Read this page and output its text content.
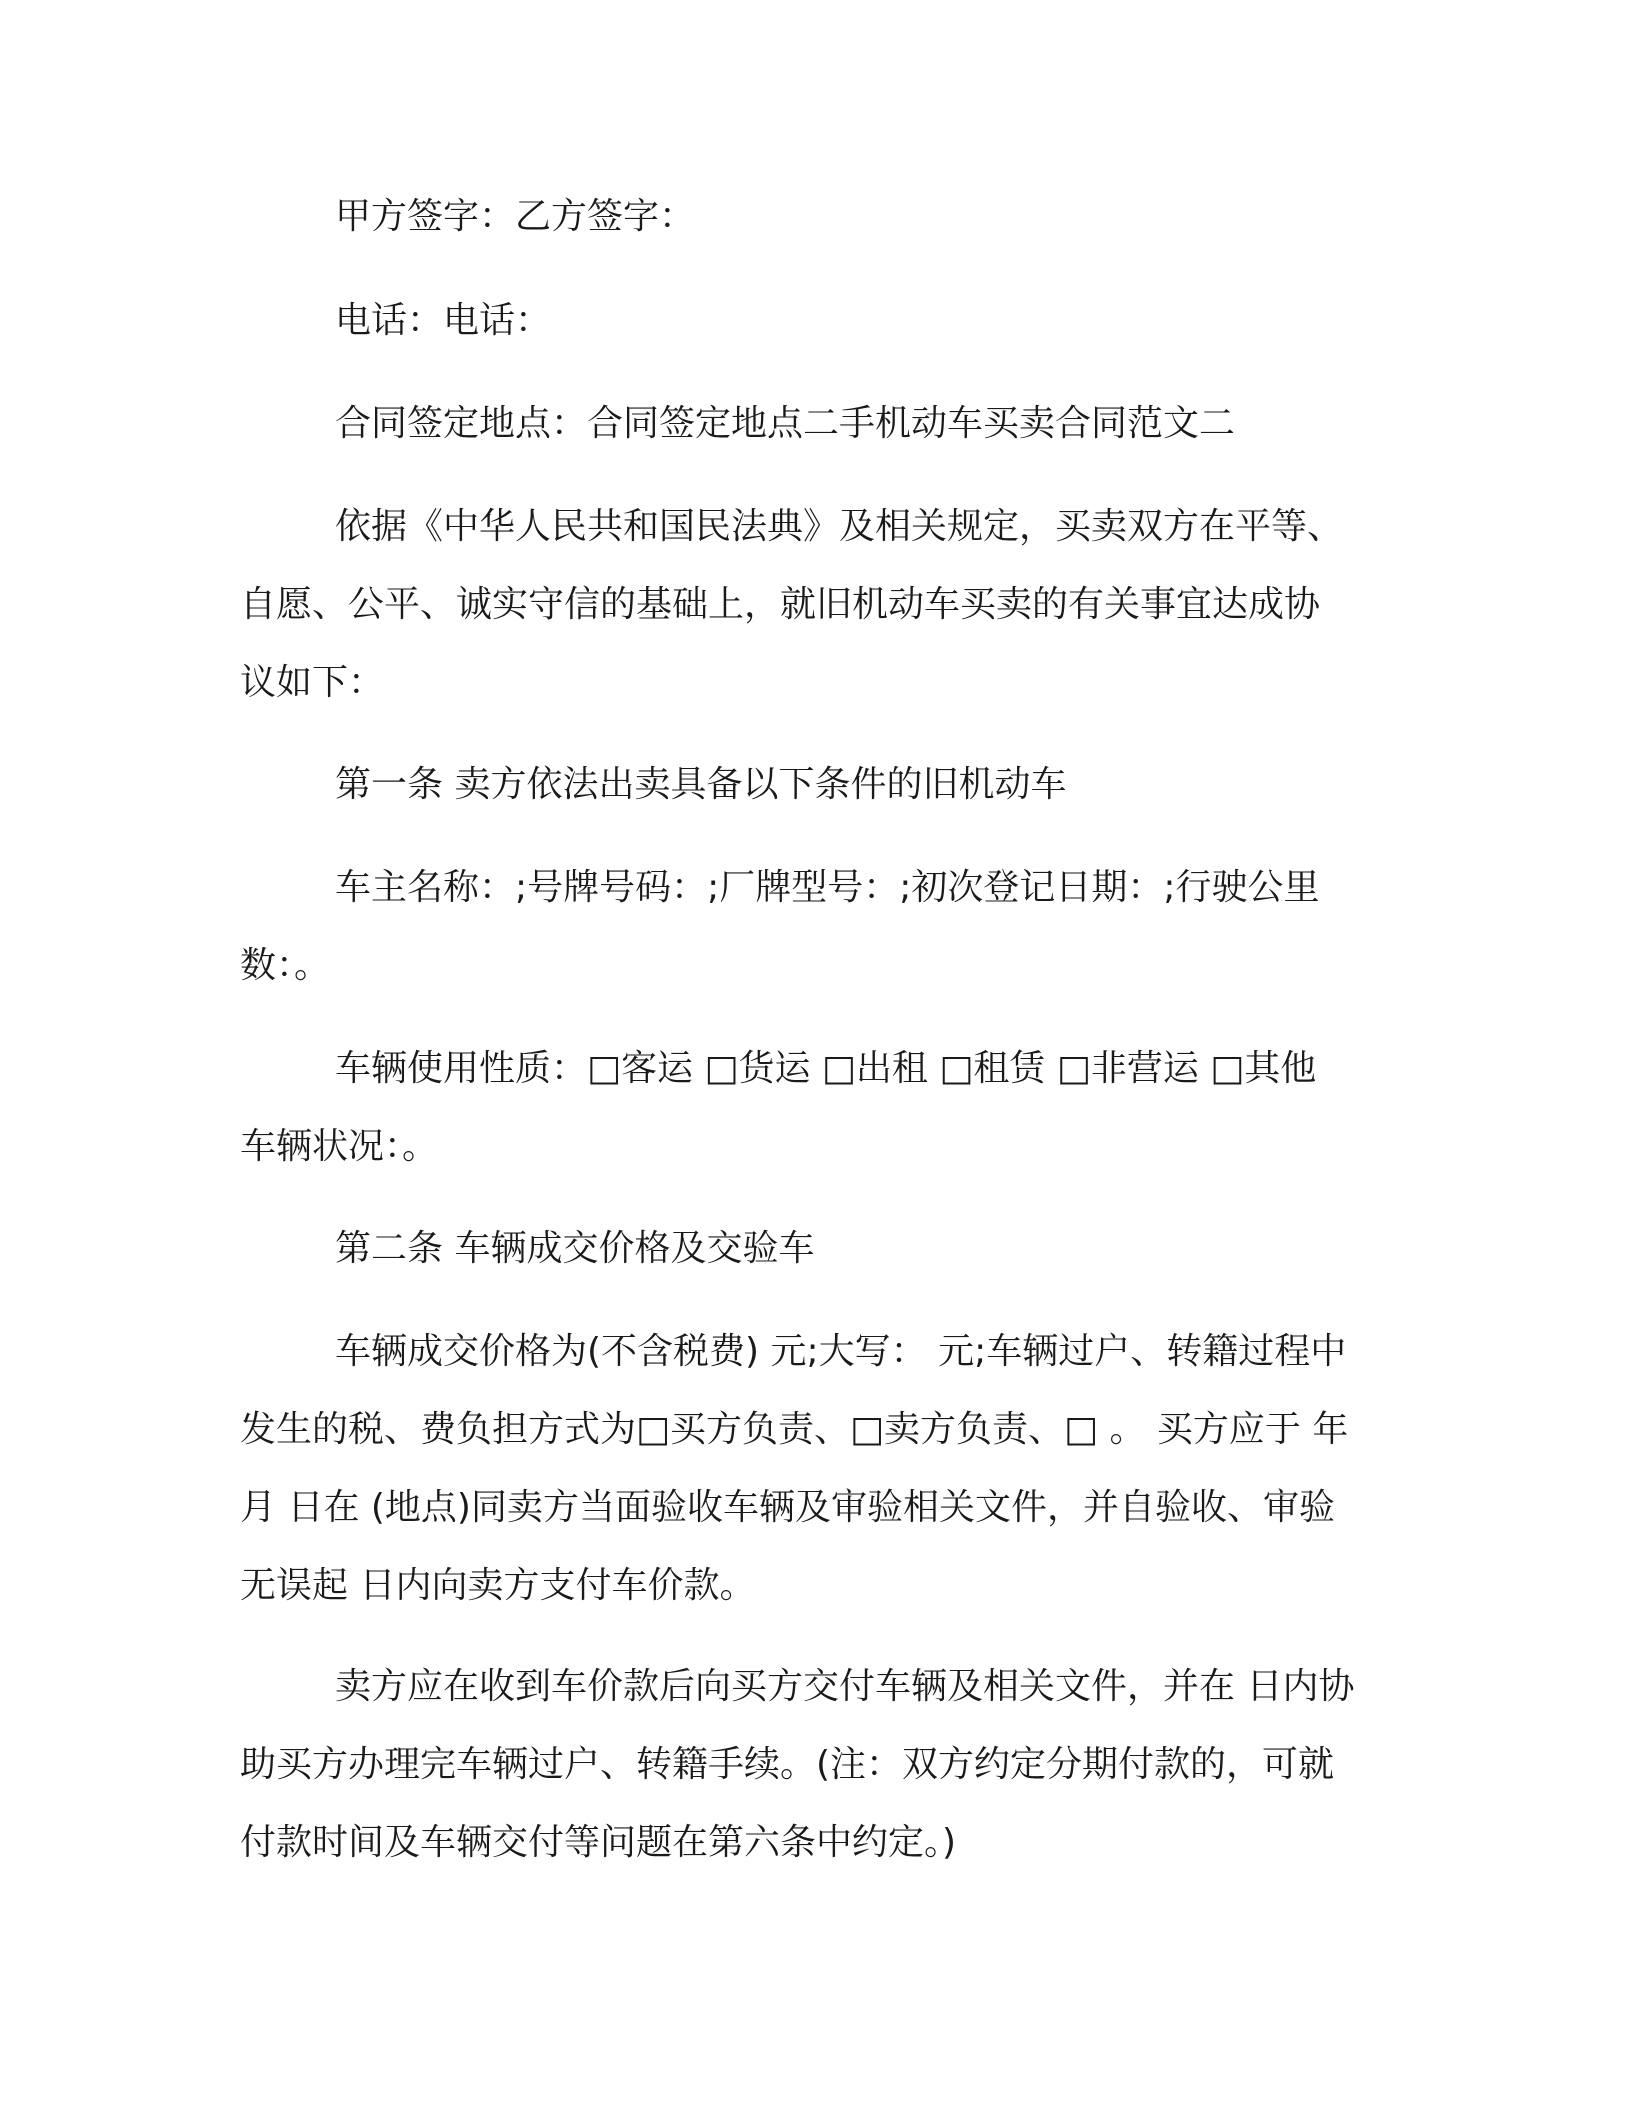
甲方签字：乙方签字：

电话：电话：

合同签定地点：合同签定地点二手机动车买卖合同范文二

依据《中华人民共和国民法典》及相关规定，买卖双方在平等、
自愿、公平、诚实守信的基础上，就旧机动车买卖的有关事宜达成协
议如下：

第一条 卖方依法出卖具备以下条件的旧机动车

车主名称：;号牌号码：;厂牌型号：;初次登记日期：;行驶公里
数：。

车辆使用性质：□客运 □货运 □出租 □租赁 □非营运 □其他
车辆状况：。

第二条 车辆成交价格及交验车

车辆成交价格为(不含税费) 元;大写： 元;车辆过户、转籍过程中
发生的税、费负担方式为□买方负责、□卖方负责、□ 。 买方应于 年
月 日在 (地点)同卖方当面验收车辆及审验相关文件，并自验收、审验
无误起 日内向卖方支付车价款。

卖方应在收到车价款后向买方交付车辆及相关文件，并在 日内协
助买方办理完车辆过户、转籍手续。(注：双方约定分期付款的，可就
付款时间及车辆交付等问题在第六条中约定。)
